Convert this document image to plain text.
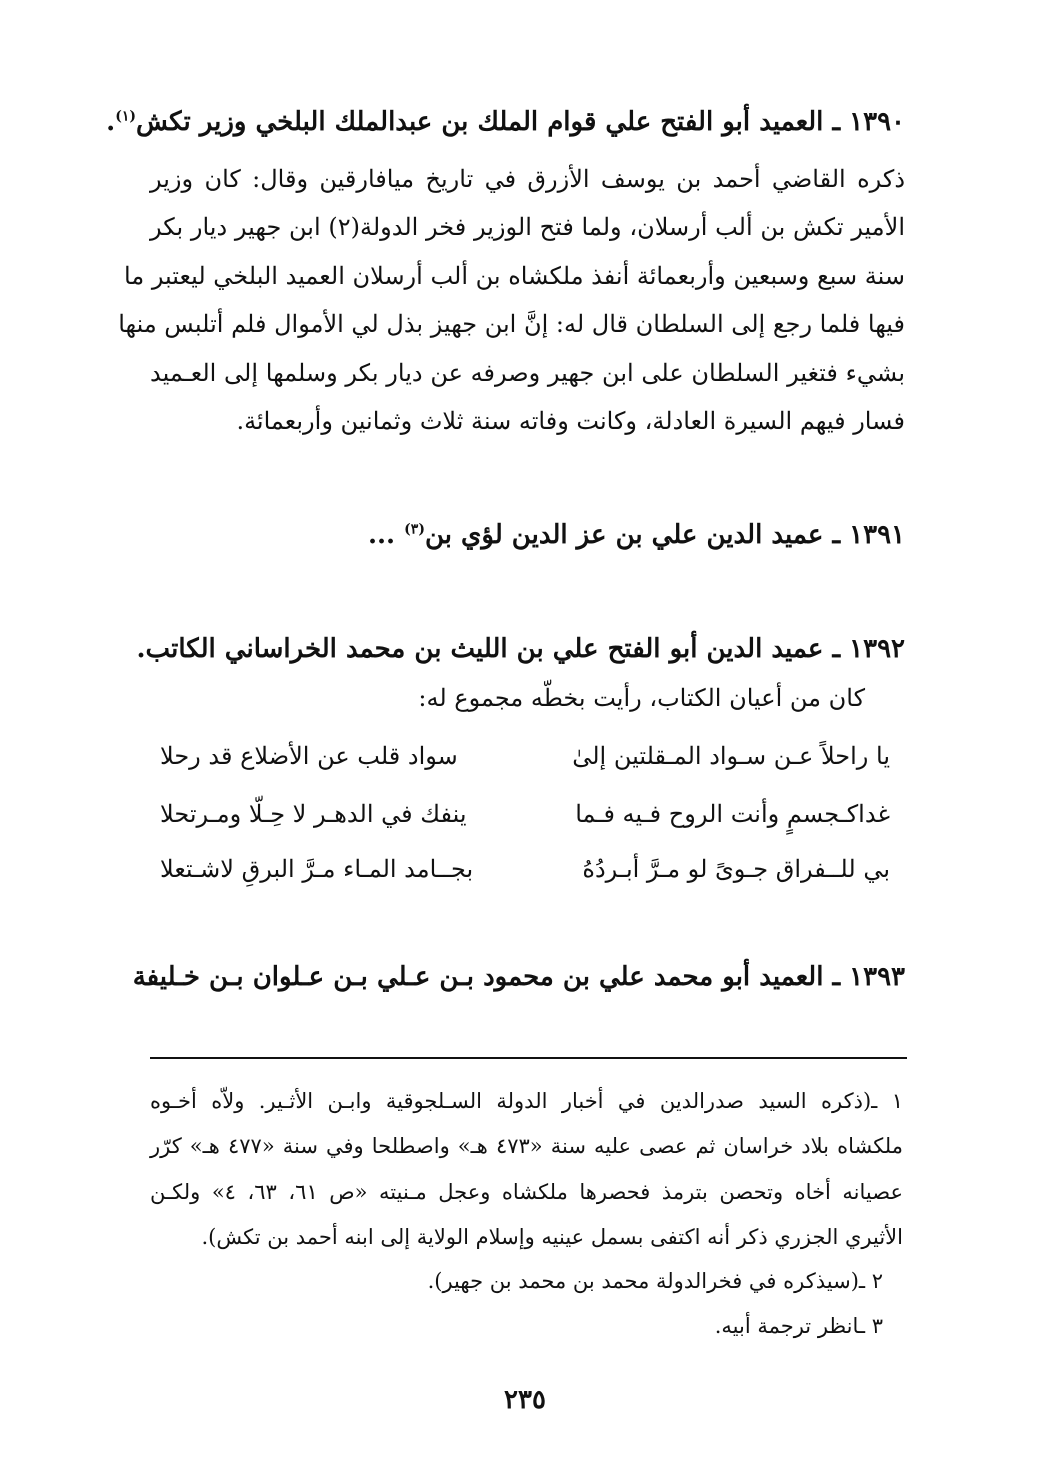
١٣٩٠ ـ العميد أبو الفتح علي قوام الملك بن عبدالملك البلخي وزير تكش$^{(١)}$.
ذكره القاضي أحمد بن يوسف الأزرق في تاريخ ميافارقين وقال: كان وزير
الأمير تكش بن ألب أرسلان، ولما فتح الوزير فخر الدولة(٢) ابن جهير ديار بكر
سنة سبع وسبعين وأربعمائة أنفذ ملكشاه بن ألب أرسلان العميد البلخي ليعتبر ما
فيها فلما رجع إلى السلطان قال له: إنَّ ابن جهيز بذل لي الأموال فلم أتلبس منها
بشيء فتغير السلطان على ابن جهير وصرفه عن ديار بكر وسلمها إلى العـميد
فسار فيهم السيرة العادلة، وكانت وفاته سنة ثلاث وثمانين وأربعمائة.
١٣٩١ ـ عميد الدين علي بن عز الدين لؤي بن$^{(٣)}$ ...
١٣٩٢ ـ عميد الدين أبو الفتح علي بن الليث بن محمد الخراساني الكاتب.
كان من أعيان الكتاب، رأيت بخطّه مجموع له:
يا راحلاً عـن سـواد المـقلتين إلىٰ
سواد قلب عن الأضلاع قد رحلا
غداكـجسمٍ وأنت الروح فـيه فـما
ينفك في الدهـر لا حِـلّا ومـرتحلا
بي للــفراق جـوىً لو مـرَّ أبـردُهُ
بجــامد المـاء مـرَّ البرقِ لاشـتعلا
١٣٩٣ ـ العميد أبو محمد علي بن محمود بـن عـلي بـن عـلوان بـن خـليفة
١ ـ(ذكره السيد صدرالدين في أخبار الدولة السـلجوقية وابـن الأثـير. ولاّه أخـوه
ملكشاه بلاد خراسان ثم عصى عليه سنة «٤٧٣ هـ» واصطلحا وفي سنة «٤٧٧ هـ» كرّر
عصيانه أخاه وتحصن بترمذ فحصرها ملكشاه وعجل مـنيته «ص ٦١، ٦٣، ٤» ولكـن
الأثيري الجزري ذكر أنه اكتفى بسمل عينيه وإسلام الولاية إلى ابنه أحمد بن تكش).
٢ ـ(سيذكره في فخرالدولة محمد بن محمد بن جهير).
٣ ـانظر ترجمة أبيه.
٢٣٥
